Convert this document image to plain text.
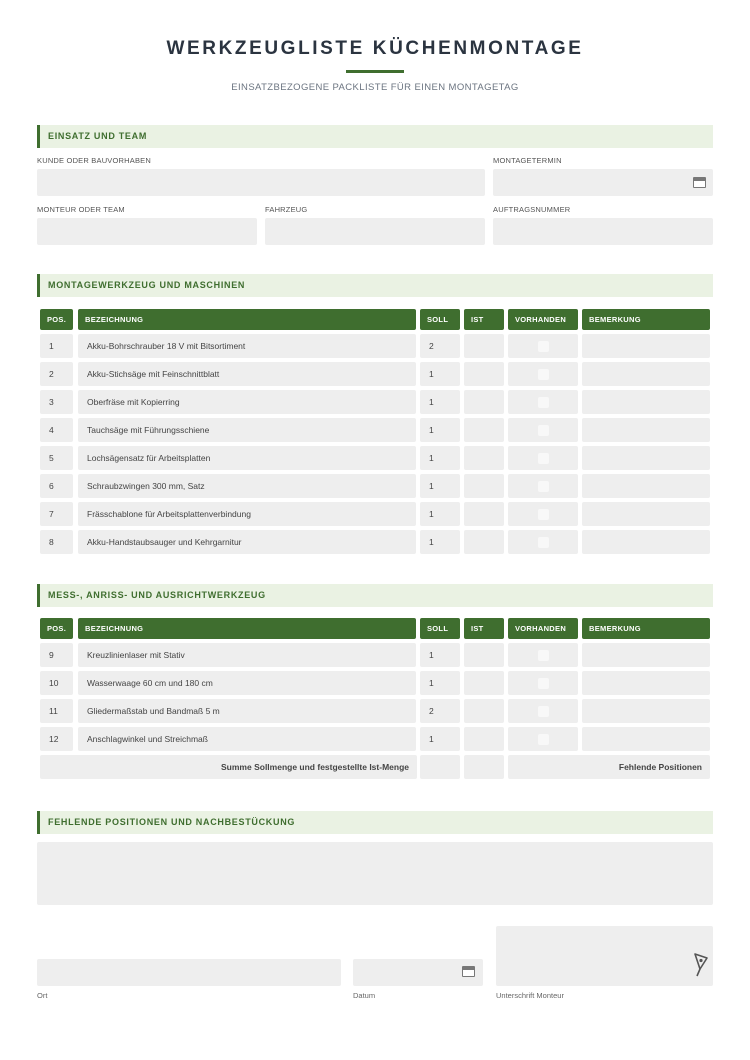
WERKZEUGLISTE KÜCHENMONTAGE
EINSATZBEZOGENE PACKLISTE FÜR EINEN MONTAGETAG
EINSATZ UND TEAM
KUNDE ODER BAUVORHABEN	MONTAGETERMIN
MONTEUR ODER TEAM	FAHRZEUG	AUFTRAGSNUMMER
MONTAGEWERKZEUG UND MASCHINEN
POS.	BEZEICHNUNG	SOLL	IST	VORHANDEN	BEMERKUNG
1	Akku-Bohrschrauber 18 V mit Bitsortiment	2
2	Akku-Stichsäge mit Feinschnittblatt	1
3	Oberfräse mit Kopierring	1
4	Tauchsäge mit Führungsschiene	1
5	Lochsägensatz für Arbeitsplatten	1
6	Schraubzwingen 300 mm, Satz	1
7	Frässchablone für Arbeitsplattenverbindung	1
8	Akku-Handstaubsauger und Kehrgarnitur	1
MESS-, ANRISS- UND AUSRICHTWERKZEUG
POS.	BEZEICHNUNG	SOLL	IST	VORHANDEN	BEMERKUNG
9	Kreuzlinienlaser mit Stativ	1
10	Wasserwaage 60 cm und 180 cm	1
11	Gliedermaßstab und Bandmaß 5 m	2
12	Anschlagwinkel und Streichmaß	1
Summe Sollmenge und festgestellte Ist-Menge	Fehlende Positionen
FEHLENDE POSITIONEN UND NACHBESTÜCKUNG
Ort	Datum	Unterschrift Monteur
